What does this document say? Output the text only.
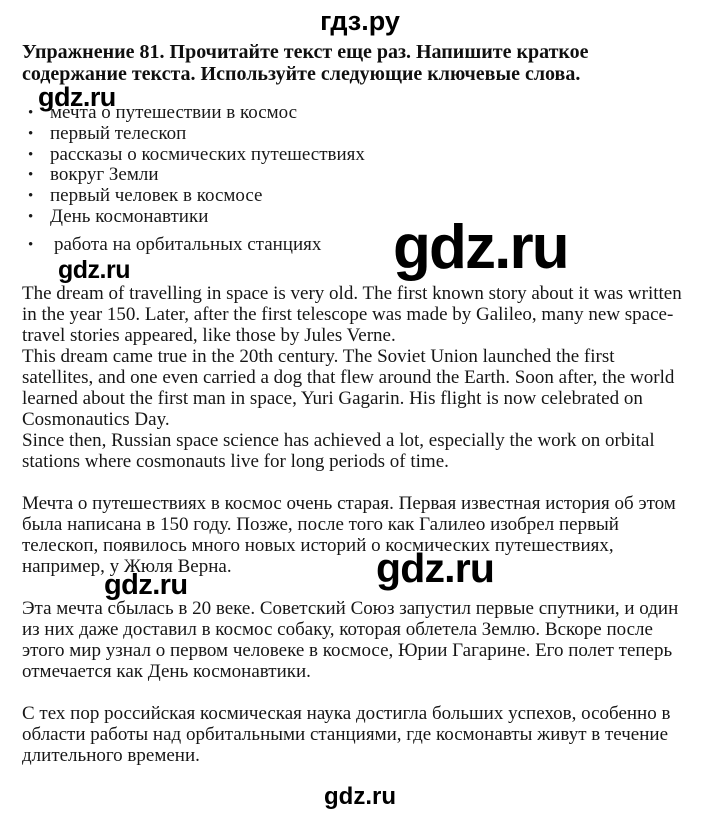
гдз.ру
Упражнение 81. Прочитайте текст еще раз. Напишите краткое содержание текста. Используйте следующие ключевые слова.
gdz.ru
gdz.ru
gdz.ru
gdz.ru
gdz.ru
• мечта о путешествии в космос
• первый телескоп
• рассказы о космических путешествиях
• вокруг Земли
• первый человек в космосе
• День космонавтики
•	работа на орбитальных станциях

The dream of travelling in space is very old. The first known story about it was written in the year 150. Later, after the first telescope was made by Galileo, many new space-travel stories appeared, like those by Jules Verne.

This dream came true in the 20th century. The Soviet Union launched the first satellites, and one even carried a dog that flew around the Earth. Soon after, the world learned about the first man in space, Yuri Gagarin. His flight is now celebrated on Cosmonautics Day.

Since then, Russian space science has achieved a lot, especially the work on orbital stations where cosmonauts live for long periods of time.

Мечта о путешествиях в космос очень старая. Первая известная история об этом была написана в 150 году. Позже, после того как Галилео изобрел первый телескоп, появилось много новых историй о космических путешествиях, например, у Жюля Верна.

Эта мечта сбылась в 20 веке. Советский Союз запустил первые спутники, и один из них даже доставил в космос собаку, которая облетела Землю. Вскоре после этого мир узнал о первом человеке в космосе, Юрии Гагарине. Его полет теперь отмечается как День космонавтики.

С тех пор российская космическая наука достигла больших успехов, особенно в области работы над орбитальными станциями, где космонавты живут в течение длительного времени.

gdz.ru
